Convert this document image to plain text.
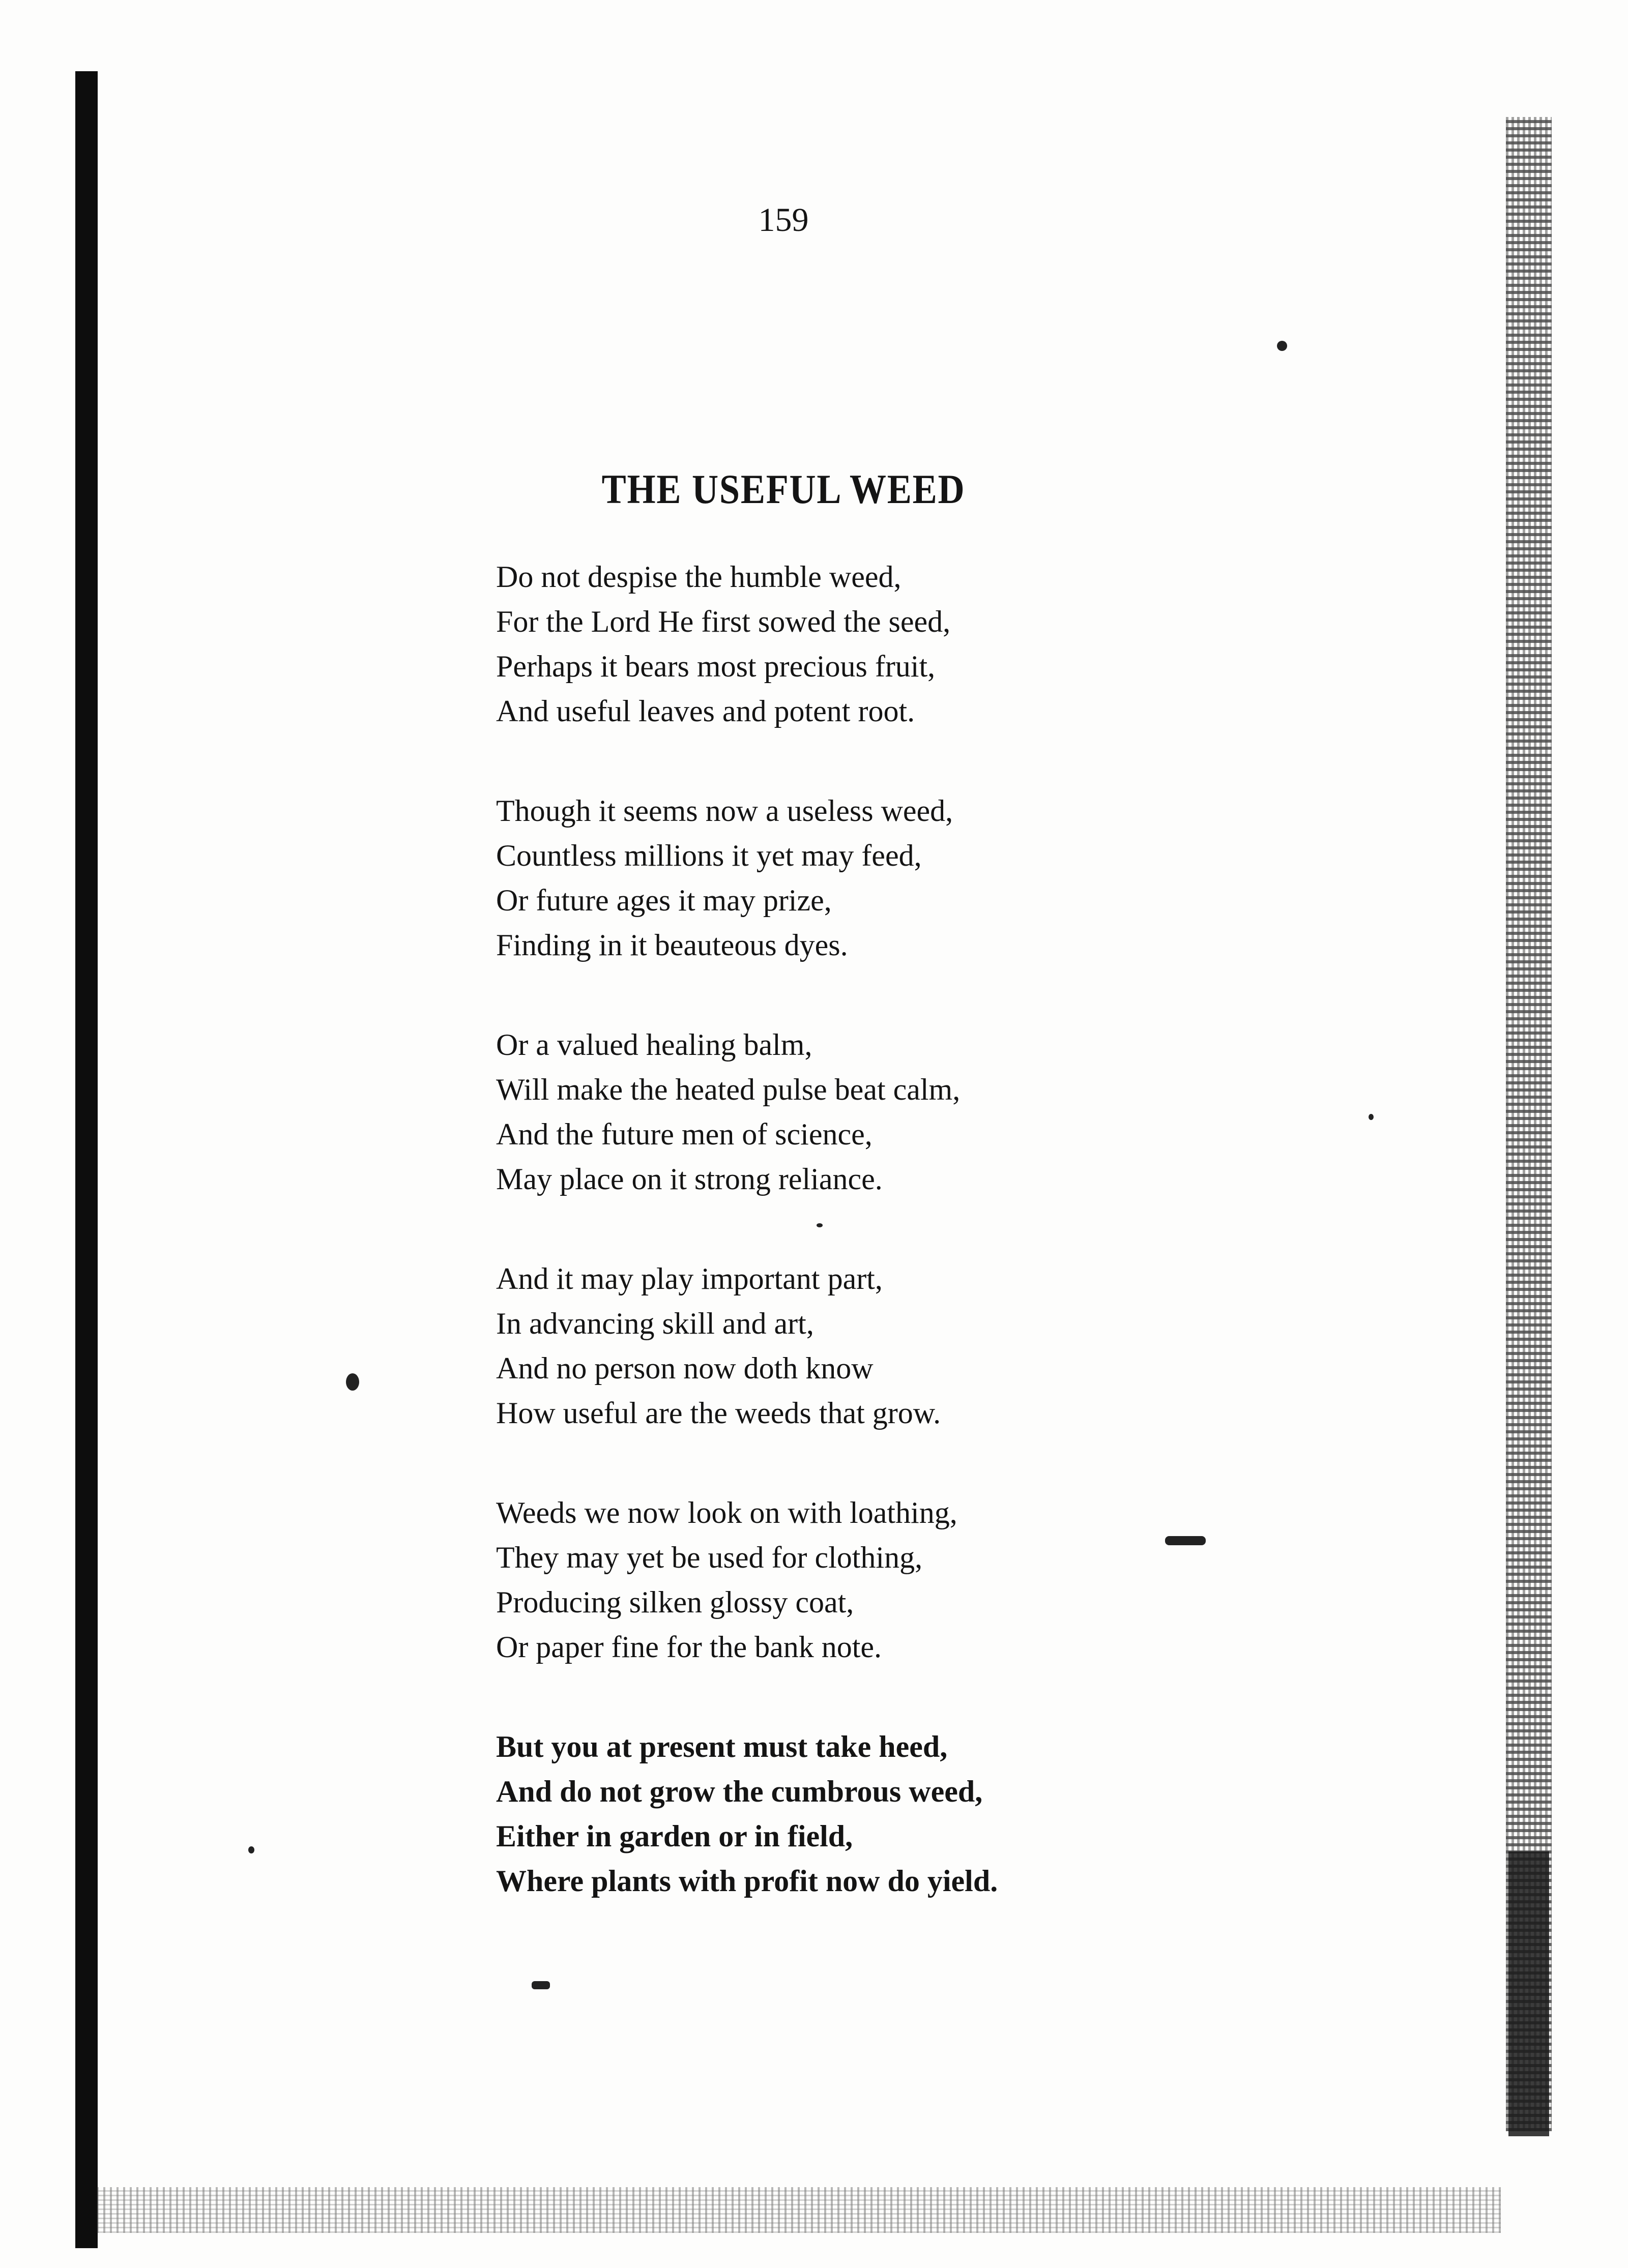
159
THE USEFUL WEED
Do not despise the humble weed,
For the Lord He first sowed the seed,
Perhaps it bears most precious fruit,
And useful leaves and potent root.
Though it seems now a useless weed,
Countless millions it yet may feed,
Or future ages it may prize,
Finding in it beauteous dyes.
Or a valued healing balm,
Will make the heated pulse beat calm,
And the future men of science,
May place on it strong reliance.
And it may play important part,
In advancing skill and art,
And no person now doth know
How useful are the weeds that grow.
Weeds we now look on with loathing,
They may yet be used for clothing,
Producing silken glossy coat,
Or paper fine for the bank note.
But you at present must take heed,
And do not grow the cumbrous weed,
Either in garden or in field,
Where plants with profit now do yield.
